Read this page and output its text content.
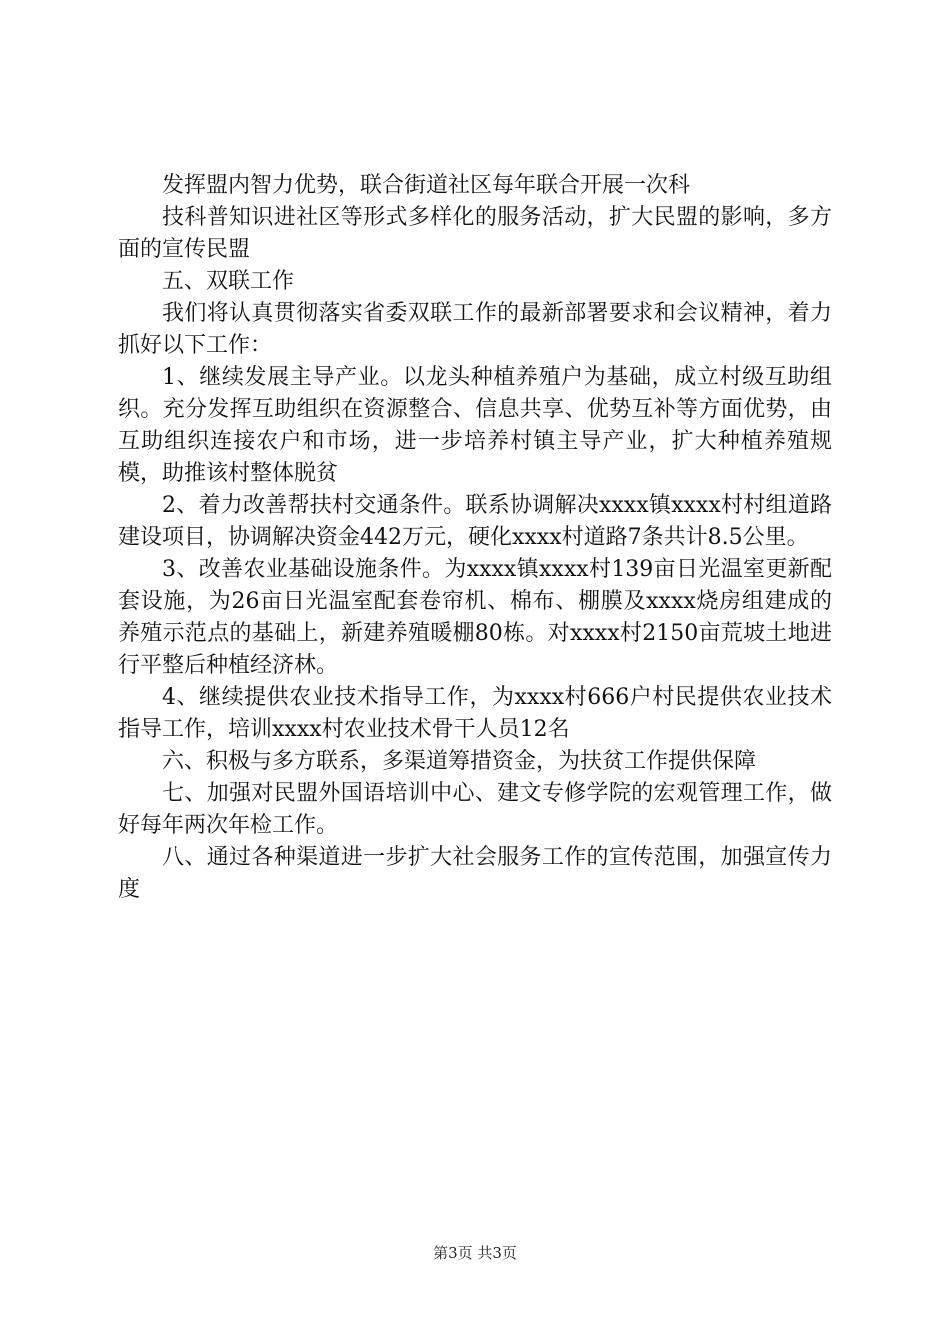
发挥盟内智力优势，联合街道社区每年联合开展一次科

技科普知识进社区等形式多样化的服务活动，扩大民盟的影响，多方面的宣传民盟

五、双联工作

我们将认真贯彻落实省委双联工作的最新部署要求和会议精神，着力抓好以下工作：

1、继续发展主导产业。以龙头种植养殖户为基础，成立村级互助组织。充分发挥互助组织在资源整合、信息共享、优势互补等方面优势，由互助组织连接农户和市场，进一步培养村镇主导产业，扩大种植养殖规模，助推该村整体脱贫

2、着力改善帮扶村交通条件。联系协调解决xxxx镇xxxx村村组道路建设项目，协调解决资金442万元，硬化xxxx村道路7条共计8.5公里。

3、改善农业基础设施条件。为xxxx镇xxxx村139亩日光温室更新配套设施，为26亩日光温室配套卷帘机、棉布、棚膜及xxxx烧房组建成的养殖示范点的基础上，新建养殖暖棚80栋。对xxxx村2150亩荒坡土地进行平整后种植经济林。

4、继续提供农业技术指导工作，为xxxx村666户村民提供农业技术指导工作，培训xxxx村农业技术骨干人员12名

六、积极与多方联系，多渠道筹措资金，为扶贫工作提供保障

七、加强对民盟外国语培训中心、建文专修学院的宏观管理工作，做好每年两次年检工作。

八、通过各种渠道进一步扩大社会服务工作的宣传范围，加强宣传力度

第3页 共3页
